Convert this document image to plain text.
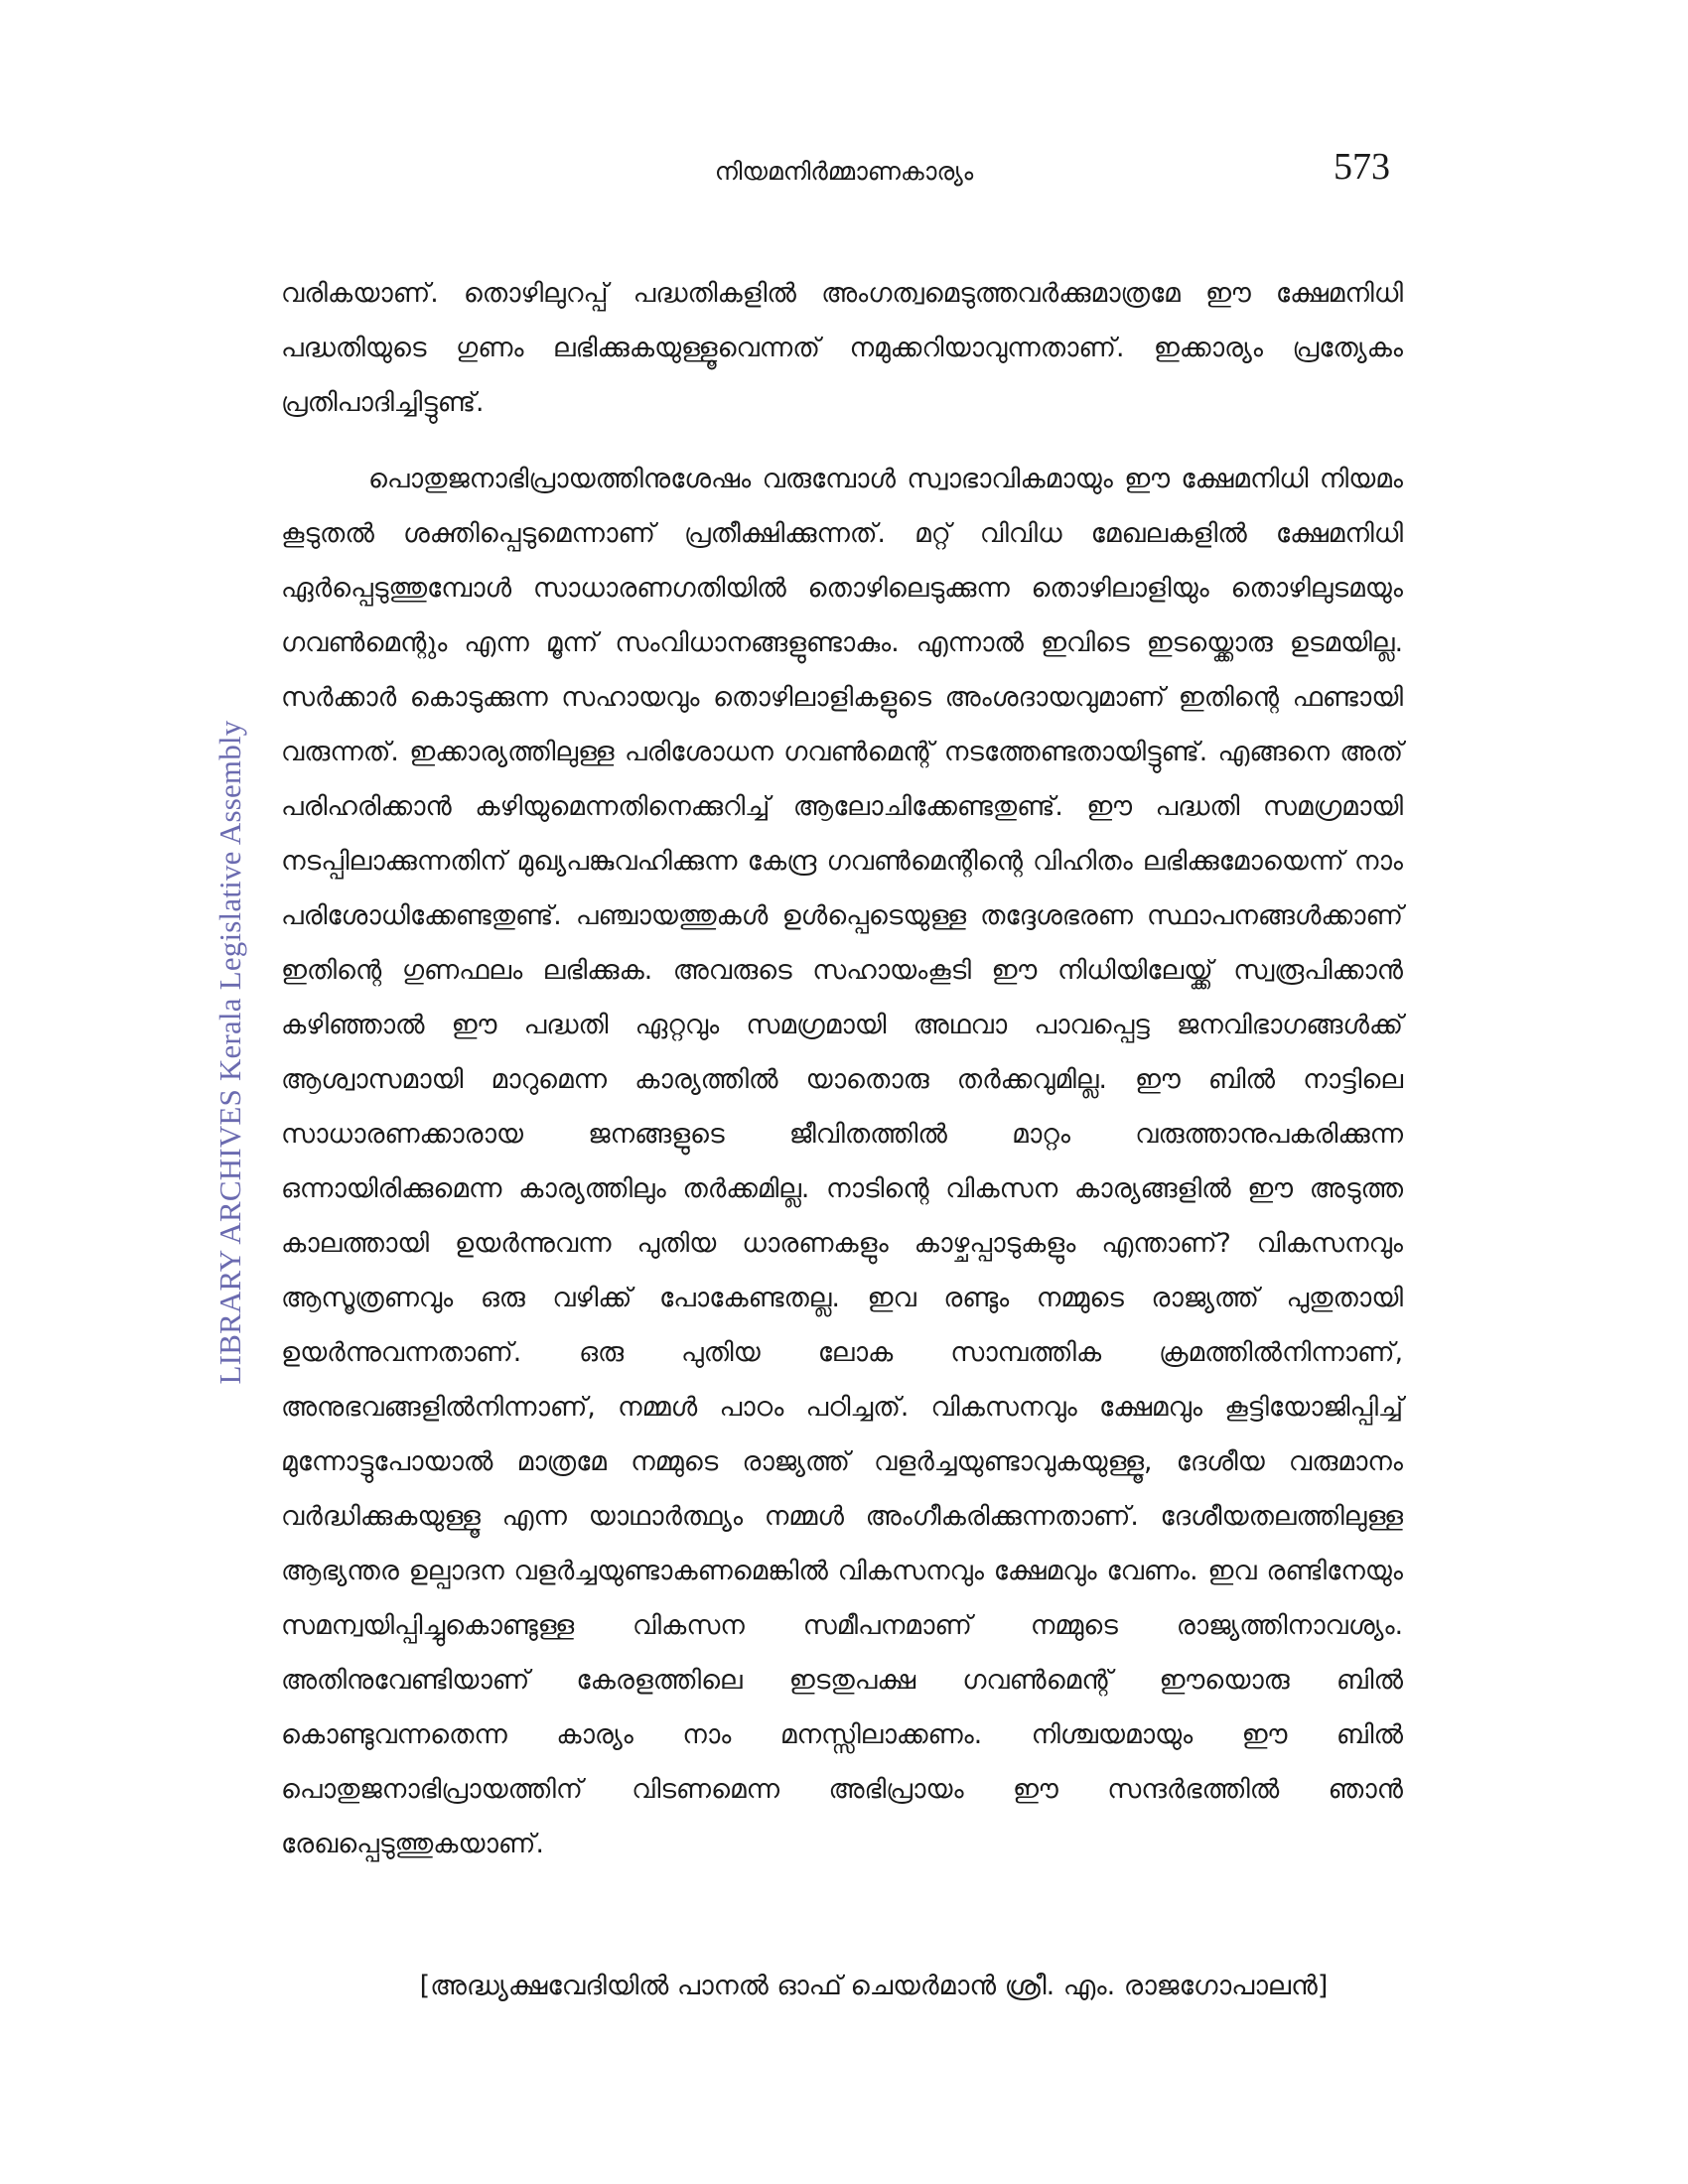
നിയമനിർമ്മാണകാര്യം	573
LIBRARY ARCHIVES Kerala Legislative Assembly

വരികയാണ്. തൊഴിലുറപ്പ് പദ്ധതികളിൽ അംഗത്വമെടുത്തവർക്കുമാത്രമേ ഈ ക്ഷേമനിധി പദ്ധതിയുടെ ഗുണം ലഭിക്കുകയുള്ളൂവെന്നത് നമുക്കറിയാവുന്നതാണ്. ഇക്കാര്യം പ്രത്യേകം പ്രതിപാദിച്ചിട്ടുണ്ട്.

പൊതുജനാഭിപ്രായത്തിനുശേഷം വരുമ്പോൾ സ്വാഭാവികമായും ഈ ക്ഷേമനിധി നിയമം കൂടുതൽ ശക്തിപ്പെടുമെന്നാണ് പ്രതീക്ഷിക്കുന്നത്. മറ്റ് വിവിധ മേഖലകളിൽ ക്ഷേമനിധി ഏർപ്പെടുത്തുമ്പോൾ സാധാരണഗതിയിൽ തൊഴിലെടുക്കുന്ന തൊഴിലാളിയും തൊഴിലുടമയും ഗവൺമെന്റും എന്ന മൂന്ന് സംവിധാനങ്ങളുണ്ടാകും. എന്നാൽ ഇവിടെ ഇടയ്ക്കൊരു ഉടമയില്ല. സർക്കാർ കൊടുക്കുന്ന സഹായവും തൊഴിലാളികളുടെ അംശദായവുമാണ് ഇതിന്റെ ഫണ്ടായി വരുന്നത്. ഇക്കാര്യത്തിലുള്ള പരിശോധന ഗവൺമെന്റ് നടത്തേണ്ടതായിട്ടുണ്ട്. എങ്ങനെ അത് പരിഹരിക്കാൻ കഴിയുമെന്നതിനെക്കുറിച്ച് ആലോചിക്കേണ്ടതുണ്ട്. ഈ പദ്ധതി സമഗ്രമായി നടപ്പിലാക്കുന്നതിന് മുഖ്യപങ്കുവഹിക്കുന്ന കേന്ദ്ര ഗവൺമെന്റിന്റെ വിഹിതം ലഭിക്കുമോയെന്ന് നാം പരിശോധിക്കേണ്ടതുണ്ട്. പഞ്ചായത്തുകൾ ഉൾപ്പെടെയുള്ള തദ്ദേശഭരണ സ്ഥാപനങ്ങൾക്കാണ് ഇതിന്റെ ഗുണഫലം ലഭിക്കുക. അവരുടെ സഹായംകൂടി ഈ നിധിയിലേയ്ക്ക് സ്വരൂപിക്കാൻ കഴിഞ്ഞാൽ ഈ പദ്ധതി ഏറ്റവും സമഗ്രമായി അഥവാ പാവപ്പെട്ട ജനവിഭാഗങ്ങൾക്ക് ആശ്വാസമായി മാറുമെന്ന കാര്യത്തിൽ യാതൊരു തർക്കവുമില്ല. ഈ ബിൽ നാട്ടിലെ സാധാരണക്കാരായ ജനങ്ങളുടെ ജീവിതത്തിൽ മാറ്റം വരുത്താനുപകരിക്കുന്ന ഒന്നായിരിക്കുമെന്ന കാര്യത്തിലും തർക്കമില്ല. നാടിന്റെ വികസന കാര്യങ്ങളിൽ ഈ അടുത്ത കാലത്തായി ഉയർന്നുവന്ന പുതിയ ധാരണകളും കാഴ്ചപ്പാടുകളും എന്താണ്? വികസനവും ആസൂത്രണവും ഒരു വഴിക്ക് പോകേണ്ടതല്ല. ഇവ രണ്ടും നമ്മുടെ രാജ്യത്ത് പുതുതായി ഉയർന്നുവന്നതാണ്. ഒരു പുതിയ ലോക സാമ്പത്തിക ക്രമത്തിൽനിന്നാണ്, അനുഭവങ്ങളിൽനിന്നാണ്, നമ്മൾ പാഠം പഠിച്ചത്. വികസനവും ക്ഷേമവും കൂട്ടിയോജിപ്പിച്ച് മുന്നോട്ടുപോയാൽ മാത്രമേ നമ്മുടെ രാജ്യത്ത് വളർച്ചയുണ്ടാവുകയുള്ളൂ, ദേശീയ വരുമാനം വർദ്ധിക്കുകയുള്ളൂ എന്ന യാഥാർത്ഥ്യം നമ്മൾ അംഗീകരിക്കുന്നതാണ്. ദേശീയതലത്തിലുള്ള ആഭ്യന്തര ഉല്പാദന വളർച്ചയുണ്ടാകണമെങ്കിൽ വികസനവും ക്ഷേമവും വേണം. ഇവ രണ്ടിനേയും സമന്വയിപ്പിച്ചുകൊണ്ടുള്ള വികസന സമീപനമാണ് നമ്മുടെ രാജ്യത്തിനാവശ്യം. അതിനുവേണ്ടിയാണ് കേരളത്തിലെ ഇടതുപക്ഷ ഗവൺമെന്റ് ഈയൊരു ബിൽ കൊണ്ടുവന്നതെന്ന കാര്യം നാം മനസ്സിലാക്കണം. നിശ്ചയമായും ഈ ബിൽ പൊതുജനാഭിപ്രായത്തിന് വിടണമെന്ന അഭിപ്രായം ഈ സന്ദർഭത്തിൽ ഞാൻ രേഖപ്പെടുത്തുകയാണ്.

[അദ്ധ്യക്ഷവേദിയിൽ പാനൽ ഓഫ് ചെയർമാൻ ശ്രീ. എം. രാജഗോപാലൻ]
